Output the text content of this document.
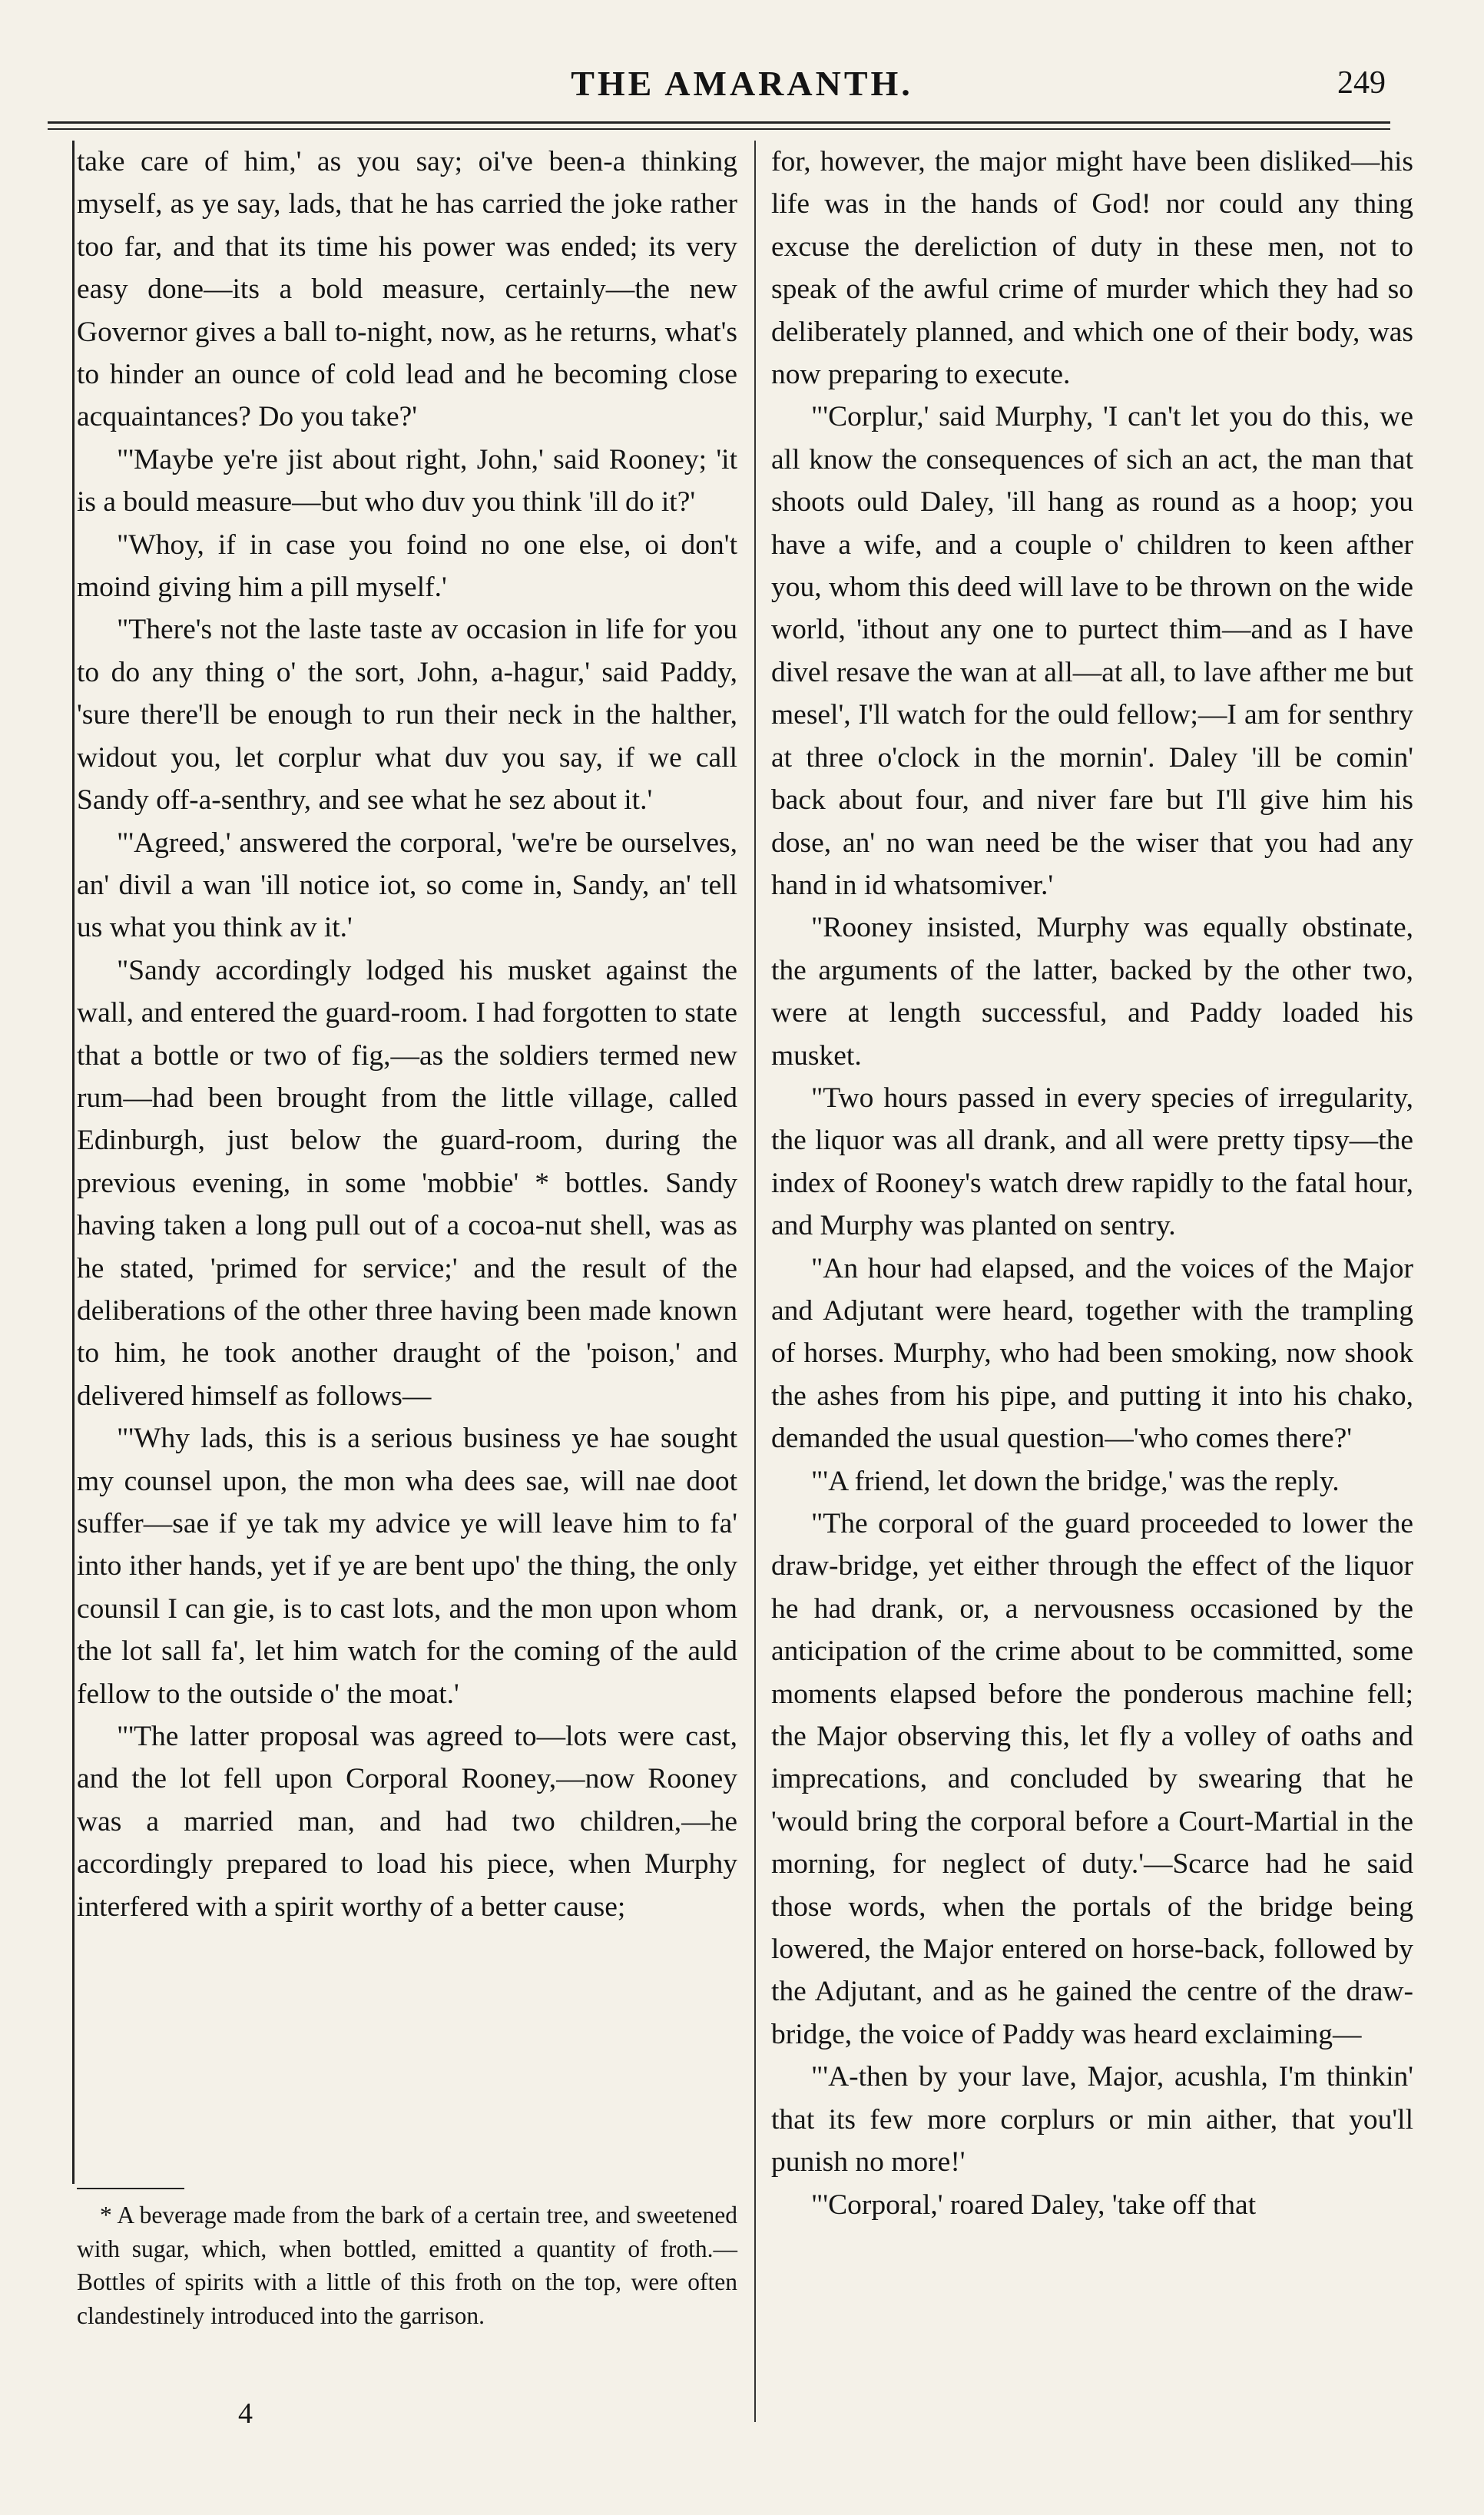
THE AMARANTH.	249

take care of him,' as you say; oi've been-a thinking myself, as ye say, lads, that he has carried the joke rather too far, and that its time his power was ended; its very easy done—its a bold measure, certainly—the new Governor gives a ball to-night, now, as he returns, what's to hinder an ounce of cold lead and he becoming close acquaintances? Do you take?'

"'Maybe ye're jist about right, John,' said Rooney; 'it is a bould measure—but who duv you think 'ill do it?'

"Whoy, if in case you foind no one else, oi don't moind giving him a pill myself.'

"There's not the laste taste av occasion in life for you to do any thing o' the sort, John, a-hagur,' said Paddy, 'sure there'll be enough to run their neck in the halther, widout you, let corplur what duv you say, if we call Sandy off-a-senthry, and see what he sez about it.'

"'Agreed,' answered the corporal, 'we're be ourselves, an' divil a wan 'ill notice iot, so come in, Sandy, an' tell us what you think av it.'

"Sandy accordingly lodged his musket against the wall, and entered the guard-room. I had forgotten to state that a bottle or two of fig,—as the soldiers termed new rum—had been brought from the little village, called Edinburgh, just below the guard-room, during the previous evening, in some 'mobbie' * bottles. Sandy having taken a long pull out of a cocoa-nut shell, was as he stated, 'primed for service;' and the result of the deliberations of the other three having been made known to him, he took another draught of the 'poison,' and delivered himself as follows—

"'Why lads, this is a serious business ye hae sought my counsel upon, the mon wha dees sae, will nae doot suffer—sae if ye tak my advice ye will leave him to fa' into ither hands, yet if ye are bent upo' the thing, the only counsil I can gie, is to cast lots, and the mon upon whom the lot sall fa', let him watch for the coming of the auld fellow to the outside o' the moat.'

"'The latter proposal was agreed to—lots were cast, and the lot fell upon Corporal Rooney,—now Rooney was a married man, and had two children,—he accordingly prepared to load his piece, when Murphy interfered with a spirit worthy of a better cause;

* A beverage made from the bark of a certain tree, and sweetened with sugar, which, when bottled, emitted a quantity of froth.—Bottles of spirits with a little of this froth on the top, were often clandestinely introduced into the garrison.

4

for, however, the major might have been disliked—his life was in the hands of God! nor could any thing excuse the dereliction of duty in these men, not to speak of the awful crime of murder which they had so deliberately planned, and which one of their body, was now preparing to execute.

"'Corplur,' said Murphy, 'I can't let you do this, we all know the consequences of sich an act, the man that shoots ould Daley, 'ill hang as round as a hoop; you have a wife, and a couple o' children to keen afther you, whom this deed will lave to be thrown on the wide world, 'ithout any one to purtect thim—and as I have divel resave the wan at all—at all, to lave afther me but mesel', I'll watch for the ould fellow;—I am for senthry at three o'clock in the mornin'. Daley 'ill be comin' back about four, and niver fare but I'll give him his dose, an' no wan need be the wiser that you had any hand in id whatsomiver.'

"Rooney insisted, Murphy was equally obstinate, the arguments of the latter, backed by the other two, were at length successful, and Paddy loaded his musket.

"Two hours passed in every species of irregularity, the liquor was all drank, and all were pretty tipsy—the index of Rooney's watch drew rapidly to the fatal hour, and Murphy was planted on sentry.

"An hour had elapsed, and the voices of the Major and Adjutant were heard, together with the trampling of horses. Murphy, who had been smoking, now shook the ashes from his pipe, and putting it into his chako, demanded the usual question—'who comes there?'

"'A friend, let down the bridge,' was the reply.

"The corporal of the guard proceeded to lower the draw-bridge, yet either through the effect of the liquor he had drank, or, a nervousness occasioned by the anticipation of the crime about to be committed, some moments elapsed before the ponderous machine fell; the Major observing this, let fly a volley of oaths and imprecations, and concluded by swearing that he 'would bring the corporal before a Court-Martial in the morning, for neglect of duty.'—Scarce had he said those words, when the portals of the bridge being lowered, the Major entered on horse-back, followed by the Adjutant, and as he gained the centre of the draw-bridge, the voice of Paddy was heard exclaiming—

"'A-then by your lave, Major, acushla, I'm thinkin' that its few more corplurs or min aither, that you'll punish no more!'

"'Corporal,' roared Daley, 'take off that
